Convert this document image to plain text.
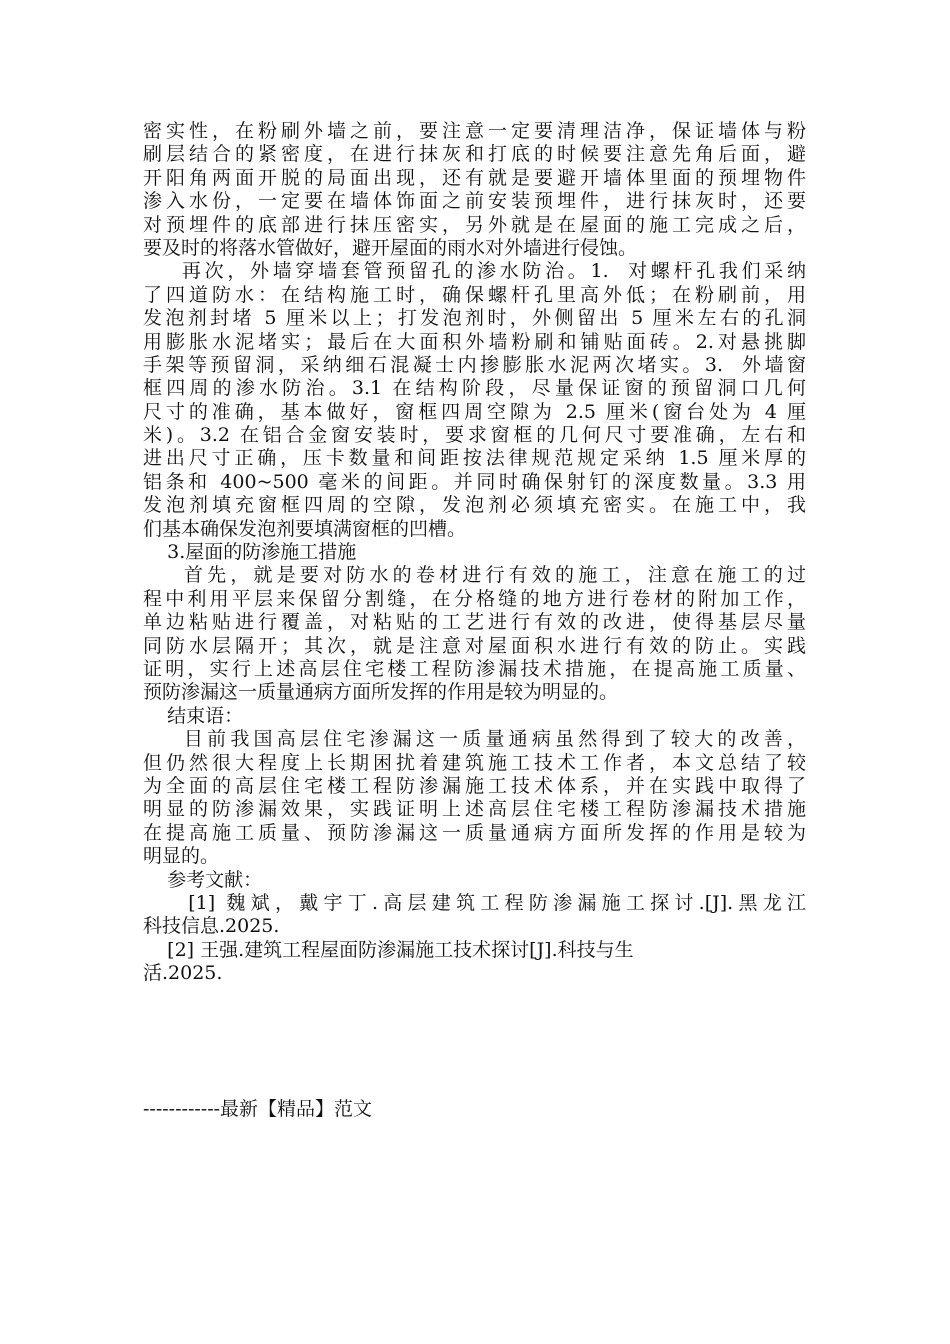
密实性，在粉刷外墙之前，要注意一定要清理洁净，保证墙体与粉
刷层结合的紧密度，在进行抹灰和打底的时候要注意先角后面，避
开阳角两面开脱的局面出现，还有就是要避开墙体里面的预埋物件
渗入水份，一定要在墙体饰面之前安装预埋件，进行抹灰时，还要
对预埋件的底部进行抹压密实，另外就是在屋面的施工完成之后，
要及时的将落水管做好，避开屋面的雨水对外墙进行侵蚀。
再次，外墙穿墙套管预留孔的渗水防治。1.  对螺杆孔我们采纳
了四道防水：在结构施工时，确保螺杆孔里高外低；在粉刷前，用
发泡剂封堵 5 厘米以上；打发泡剂时，外侧留出 5 厘米左右的孔洞
用膨胀水泥堵实；最后在大面积外墙粉刷和铺贴面砖。2.对悬挑脚
手架等预留洞，采纳细石混凝士内掺膨胀水泥两次堵实。3.  外墙窗
框四周的渗水防治。3.1 在结构阶段，尽量保证窗的预留洞口几何
尺寸的准确，基本做好，窗框四周空隙为 2.5 厘米(窗台处为 4 厘
米)。3.2 在铝合金窗安装时，要求窗框的几何尺寸要准确，左右和
进出尺寸正确，压卡数量和间距按法律规范规定采纳 1.5 厘米厚的
铝条和 400~500 毫米的间距。并同时确保射钉的深度数量。3.3 用
发泡剂填充窗框四周的空隙，发泡剂必须填充密实。在施工中，我
们基本确保发泡剂要填满窗框的凹槽。
3.屋面的防渗施工措施
首先，就是要对防水的卷材进行有效的施工，注意在施工的过
程中利用平层来保留分割缝，在分格缝的地方进行卷材的附加工作，
单边粘贴进行覆盖，对粘贴的工艺进行有效的改进，使得基层尽量
同防水层隔开；其次，就是注意对屋面积水进行有效的防止。实践
证明，实行上述高层住宅楼工程防渗漏技术措施，在提高施工质量、
预防渗漏这一质量通病方面所发挥的作用是较为明显的。
结束语：
目前我国高层住宅渗漏这一质量通病虽然得到了较大的改善，
但仍然很大程度上长期困扰着建筑施工技术工作者，本文总结了较
为全面的高层住宅楼工程防渗漏施工技术体系，并在实践中取得了
明显的防渗漏效果，实践证明上述高层住宅楼工程防渗漏技术措施
在提高施工质量、预防渗漏这一质量通病方面所发挥的作用是较为
明显的。
参考文献：
[1] 魏斌，戴宇丁.高层建筑工程防渗漏施工探讨.[J].黑龙江
科技信息.2025.
[2] 王强.建筑工程屋面防渗漏施工技术探讨[J].科技与生
活.2025.
------------最新【精品】范文
